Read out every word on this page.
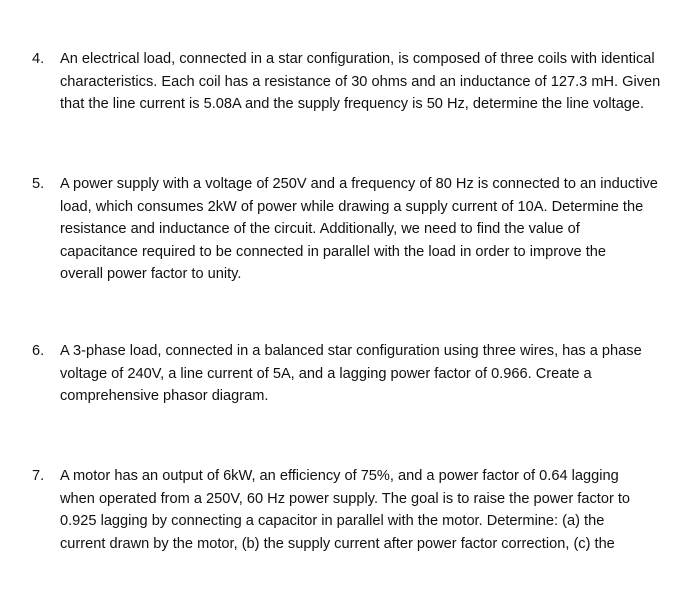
4.	An electrical load, connected in a star configuration, is composed of three coils with identical
characteristics. Each coil has a resistance of 30 ohms and an inductance of 127.3 mH. Given
that the line current is 5.08A and the supply frequency is 50 Hz, determine the line voltage.
5.	A power supply with a voltage of 250V and a frequency of 80 Hz is connected to an inductive
load, which consumes 2kW of power while drawing a supply current of 10A. Determine the
resistance and inductance of the circuit. Additionally, we need to find the value of
capacitance required to be connected in parallel with the load in order to improve the
overall power factor to unity.
6.	A 3-phase load, connected in a balanced star configuration using three wires, has a phase
voltage of 240V, a line current of 5A, and a lagging power factor of 0.966. Create a
comprehensive phasor diagram.
7.	A motor has an output of 6kW, an efficiency of 75%, and a power factor of 0.64 lagging
when operated from a 250V, 60 Hz power supply. The goal is to raise the power factor to
0.925 lagging by connecting a capacitor in parallel with the motor. Determine: (a) the
current drawn by the motor, (b) the supply current after power factor correction, (c) the
